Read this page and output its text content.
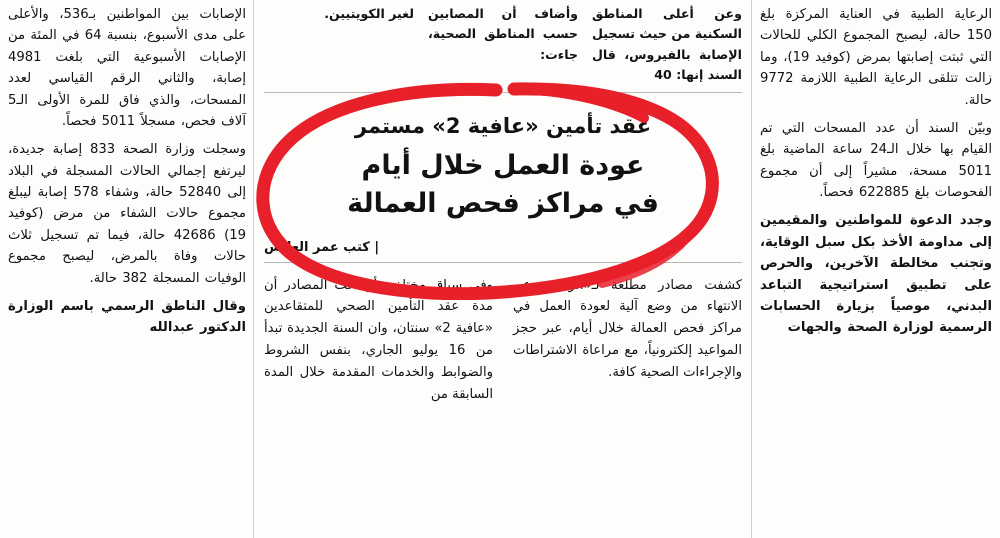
الرعاية الطبية في العناية المركزة بلغ 150 حالة، ليصبح المجموع الكلي للحالات التي ثبتت إصابتها بمرض (كوفيد 19)، وما زالت تتلقى الرعاية الطبية اللازمة 9772 حالة.

وبيّن السند أن عدد المسحات التي تم القيام بها خلال الـ24 ساعة الماضية بلغ 5011 مسحة، مشيراً إلى أن مجموع الفحوصات بلغ 622885 فحصاً.

وجدد الدعوة للمواطنين والمقيمين إلى مداومة الأخذ بكل سبل الوقاية، وتجنب مخالطة الآخرين، والحرص على تطبيق استراتيجية التباعد البدني، موصياً بزيارة الحسابات الرسمية لوزارة الصحة والجهات

وعن أعلى المناطق السكنية من حيث تسجيل الإصابة بالفيروس، قال السند إنها: 40
وأضاف أن المصابين حسب المناطق الصحية، جاءت:
لغير الكويتيين.
عقد تأمين «عافية 2» مستمر
عودة العمل خلال أيام
في مراكز فحص العمالة
| كتب عمر العلاس

كشفت مصادر مطلعة لـ«الراي»، عن الانتهاء من وضع آلية لعودة العمل في مراكز فحص العمالة خلال أيام، عبر حجز المواعيد إلكترونياً، مع مراعاة الاشتراطات والإجراءات الصحية كافة.

وفي سياق مختلف، أوضحت المصادر أن مدة عقد التأمين الصحي للمتقاعدين «عافية 2» سنتان، وان السنة الجديدة تبدأ من 16 يوليو الجاري، بنفس الشروط والضوابط والخدمات المقدمة خلال المدة السابقة من

الإصابات بين المواطنين بـ536، والأعلى على مدى الأسبوع، بنسبة 64 في المئة من الإصابات الأسبوعية التي بلغت 4981 إصابة، والثاني الرقم القياسي لعدد المسحات، والذي فاق للمرة الأولى الـ5 آلاف فحص، مسجلاً 5011 فحصاً.

وسجلت وزارة الصحة 833 إصابة جديدة، ليرتفع إجمالي الحالات المسجلة في البلاد إلى 52840 حالة، وشفاء 578 إصابة ليبلغ مجموع حالات الشفاء من مرض (كوفيد 19) 42686 حالة، فيما تم تسجيل ثلاث حالات وفاة بالمرض، ليصبح مجموع الوفيات المسجلة 382 حالة.

وقال الناطق الرسمي باسم الوزارة الدكتور عبدالله
